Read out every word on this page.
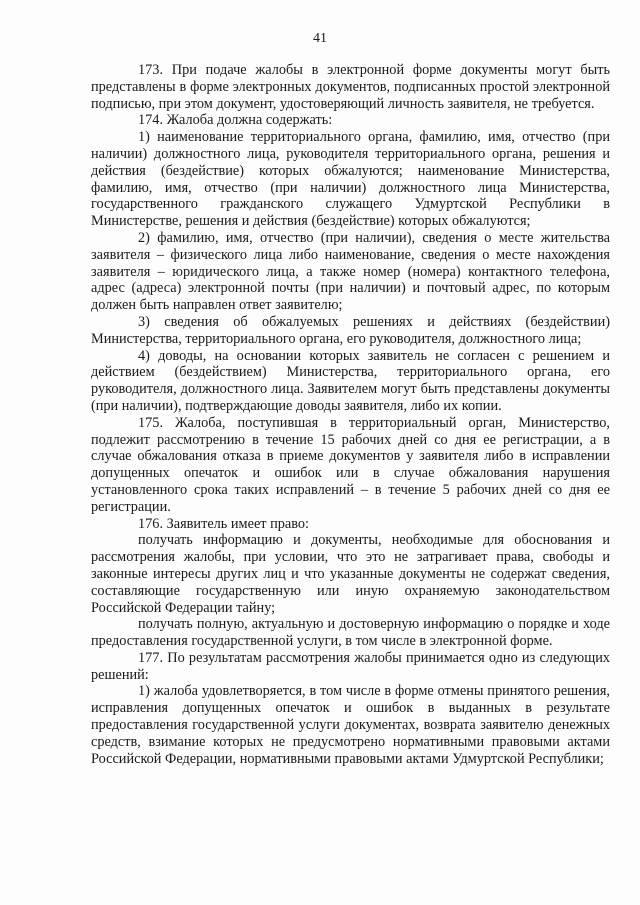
41

173. При подаче жалобы в электронной форме документы могут быть представлены в форме электронных документов, подписанных простой электронной подписью, при этом документ, удостоверяющий личность заявителя, не требуется.

174. Жалоба должна содержать:

1) наименование территориального органа, фамилию, имя, отчество (при наличии) должностного лица, руководителя территориального органа, решения и действия (бездействие) которых обжалуются; наименование Министерства, фамилию, имя, отчество (при наличии) должностного лица Министерства, государственного гражданского служащего Удмуртской Республики в Министерстве, решения и действия (бездействие) которых обжалуются;

2) фамилию, имя, отчество (при наличии), сведения о месте жительства заявителя – физического лица либо наименование, сведения о месте нахождения заявителя – юридического лица, а также номер (номера) контактного телефона, адрес (адреса) электронной почты (при наличии) и почтовый адрес, по которым должен быть направлен ответ заявителю;

3) сведения об обжалуемых решениях и действиях (бездействии) Министерства, территориального органа, его руководителя, должностного лица;

4) доводы, на основании которых заявитель не согласен с решением и действием (бездействием) Министерства, территориального органа, его руководителя, должностного лица. Заявителем могут быть представлены документы (при наличии), подтверждающие доводы заявителя, либо их копии.

175. Жалоба, поступившая в территориальный орган, Министерство, подлежит рассмотрению в течение 15 рабочих дней со дня ее регистрации, а в случае обжалования отказа в приеме документов у заявителя либо в исправлении допущенных опечаток и ошибок или в случае обжалования нарушения установленного срока таких исправлений – в течение 5 рабочих дней со дня ее регистрации.

176. Заявитель имеет право:

получать информацию и документы, необходимые для обоснования и рассмотрения жалобы, при условии, что это не затрагивает права, свободы и законные интересы других лиц и что указанные документы не содержат сведения, составляющие государственную или иную охраняемую законодательством Российской Федерации тайну;

получать полную, актуальную и достоверную информацию о порядке и ходе предоставления государственной услуги, в том числе в электронной форме.

177. По результатам рассмотрения жалобы принимается одно из следующих решений:

1) жалоба удовлетворяется, в том числе в форме отмены принятого решения, исправления допущенных опечаток и ошибок в выданных в результате предоставления государственной услуги документах, возврата заявителю денежных средств, взимание которых не предусмотрено нормативными правовыми актами Российской Федерации, нормативными правовыми актами Удмуртской Республики;
